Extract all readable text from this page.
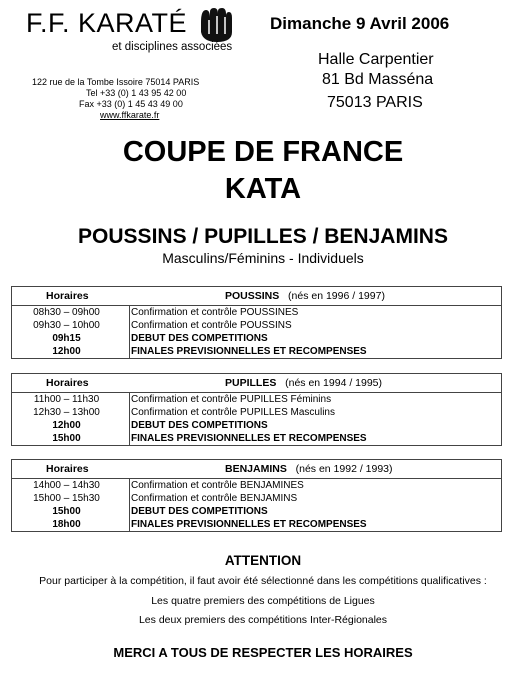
F.F. KARATÉ
et disciplines associées
122 rue de la Tombe Issoire 75014 PARIS
Tel +33 (0) 1 43 95 42 00
Fax +33 (0) 1 45 43 49 00
www.ffkarate.fr
Dimanche 9 Avril 2006
Halle Carpentier
81 Bd Masséna
75013 PARIS
COUPE DE FRANCE
KATA
POUSSINS / PUPILLES / BENJAMINS
Masculins/Féminins - Individuels
Horaires	POUSSINS (nés en 1996 / 1997)
08h30 – 09h00	Confirmation et contrôle POUSSINES
09h30 – 10h00	Confirmation et contrôle POUSSINS
09h15	DEBUT DES COMPETITIONS
12h00	FINALES PREVISIONNELLES ET RECOMPENSES
Horaires	PUPILLES (nés en 1994 / 1995)
11h00 – 11h30	Confirmation et contrôle PUPILLES Féminins
12h30 – 13h00	Confirmation et contrôle PUPILLES Masculins
12h00	DEBUT DES COMPETITIONS
15h00	FINALES PREVISIONNELLES ET RECOMPENSES
Horaires	BENJAMINS (nés en 1992 / 1993)
14h00 – 14h30	Confirmation et contrôle BENJAMINES
15h00 – 15h30	Confirmation et contrôle BENJAMINS
15h00	DEBUT DES COMPETITIONS
18h00	FINALES PREVISIONNELLES ET RECOMPENSES
ATTENTION
Pour participer à la compétition, il faut avoir été sélectionné dans les compétitions qualificatives :
Les quatre premiers des compétitions de Ligues
Les deux premiers des compétitions Inter-Régionales
MERCI A TOUS DE RESPECTER LES HORAIRES
